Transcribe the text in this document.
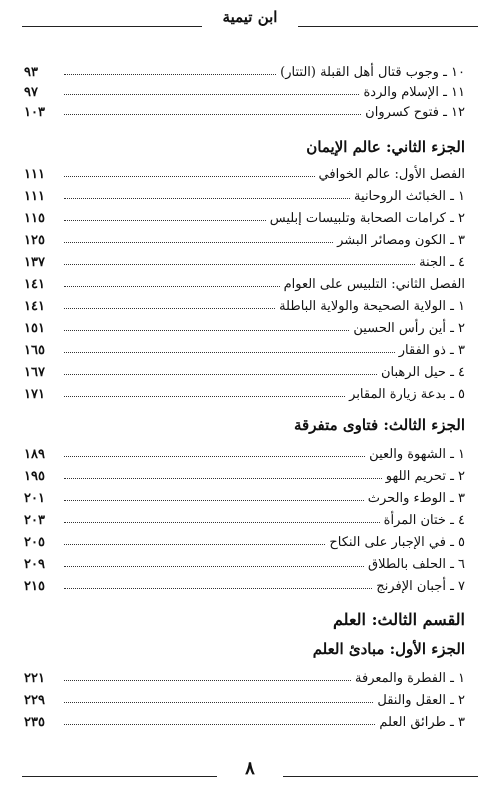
ابن تيمية
١٠ ـ وجوب قتال أهل القبلة (التتار)
٩٣
١١ ـ الإسلام والردة
٩٧
١٢ ـ فتوح كسروان
١٠٣
الجزء الثاني: عالم الإيمان
الفصل الأول: عالم الخوافي
١١١
١ ـ الخبائث الروحانية
١١١
٢ ـ كرامات الصحابة وتلبيسات إبليس
١١٥
٣ ـ الكون ومصائر البشر
١٢٥
٤ ـ الجنة
١٣٧
الفصل الثاني: التلبيس على العوام
١٤١
١ ـ الولاية الصحيحة والولاية الباطلة
١٤١
٢ ـ أين رأس الحسين
١٥١
٣ ـ ذو الفقار
١٦٥
٤ ـ حيل الرهبان
١٦٧
٥ ـ بدعة زيارة المقابر
١٧١
الجزء الثالث: فتاوى متفرقة
١ ـ الشهوة والعين
١٨٩
٢ ـ تحريم اللهو
١٩٥
٣ ـ الوطء والحرث
٢٠١
٤ ـ ختان المرأة
٢٠٣
٥ ـ في الإجبار على النكاح
٢٠٥
٦ ـ الحلف بالطلاق
٢٠٩
٧ ـ أجبان الإفرنج
٢١٥
القسم الثالث: العلم
الجزء الأول: مبادئ العلم
١ ـ الفطرة والمعرفة
٢٢١
٢ ـ العقل والنقل
٢٢٩
٣ ـ طرائق العلم
٢٣٥
٨
